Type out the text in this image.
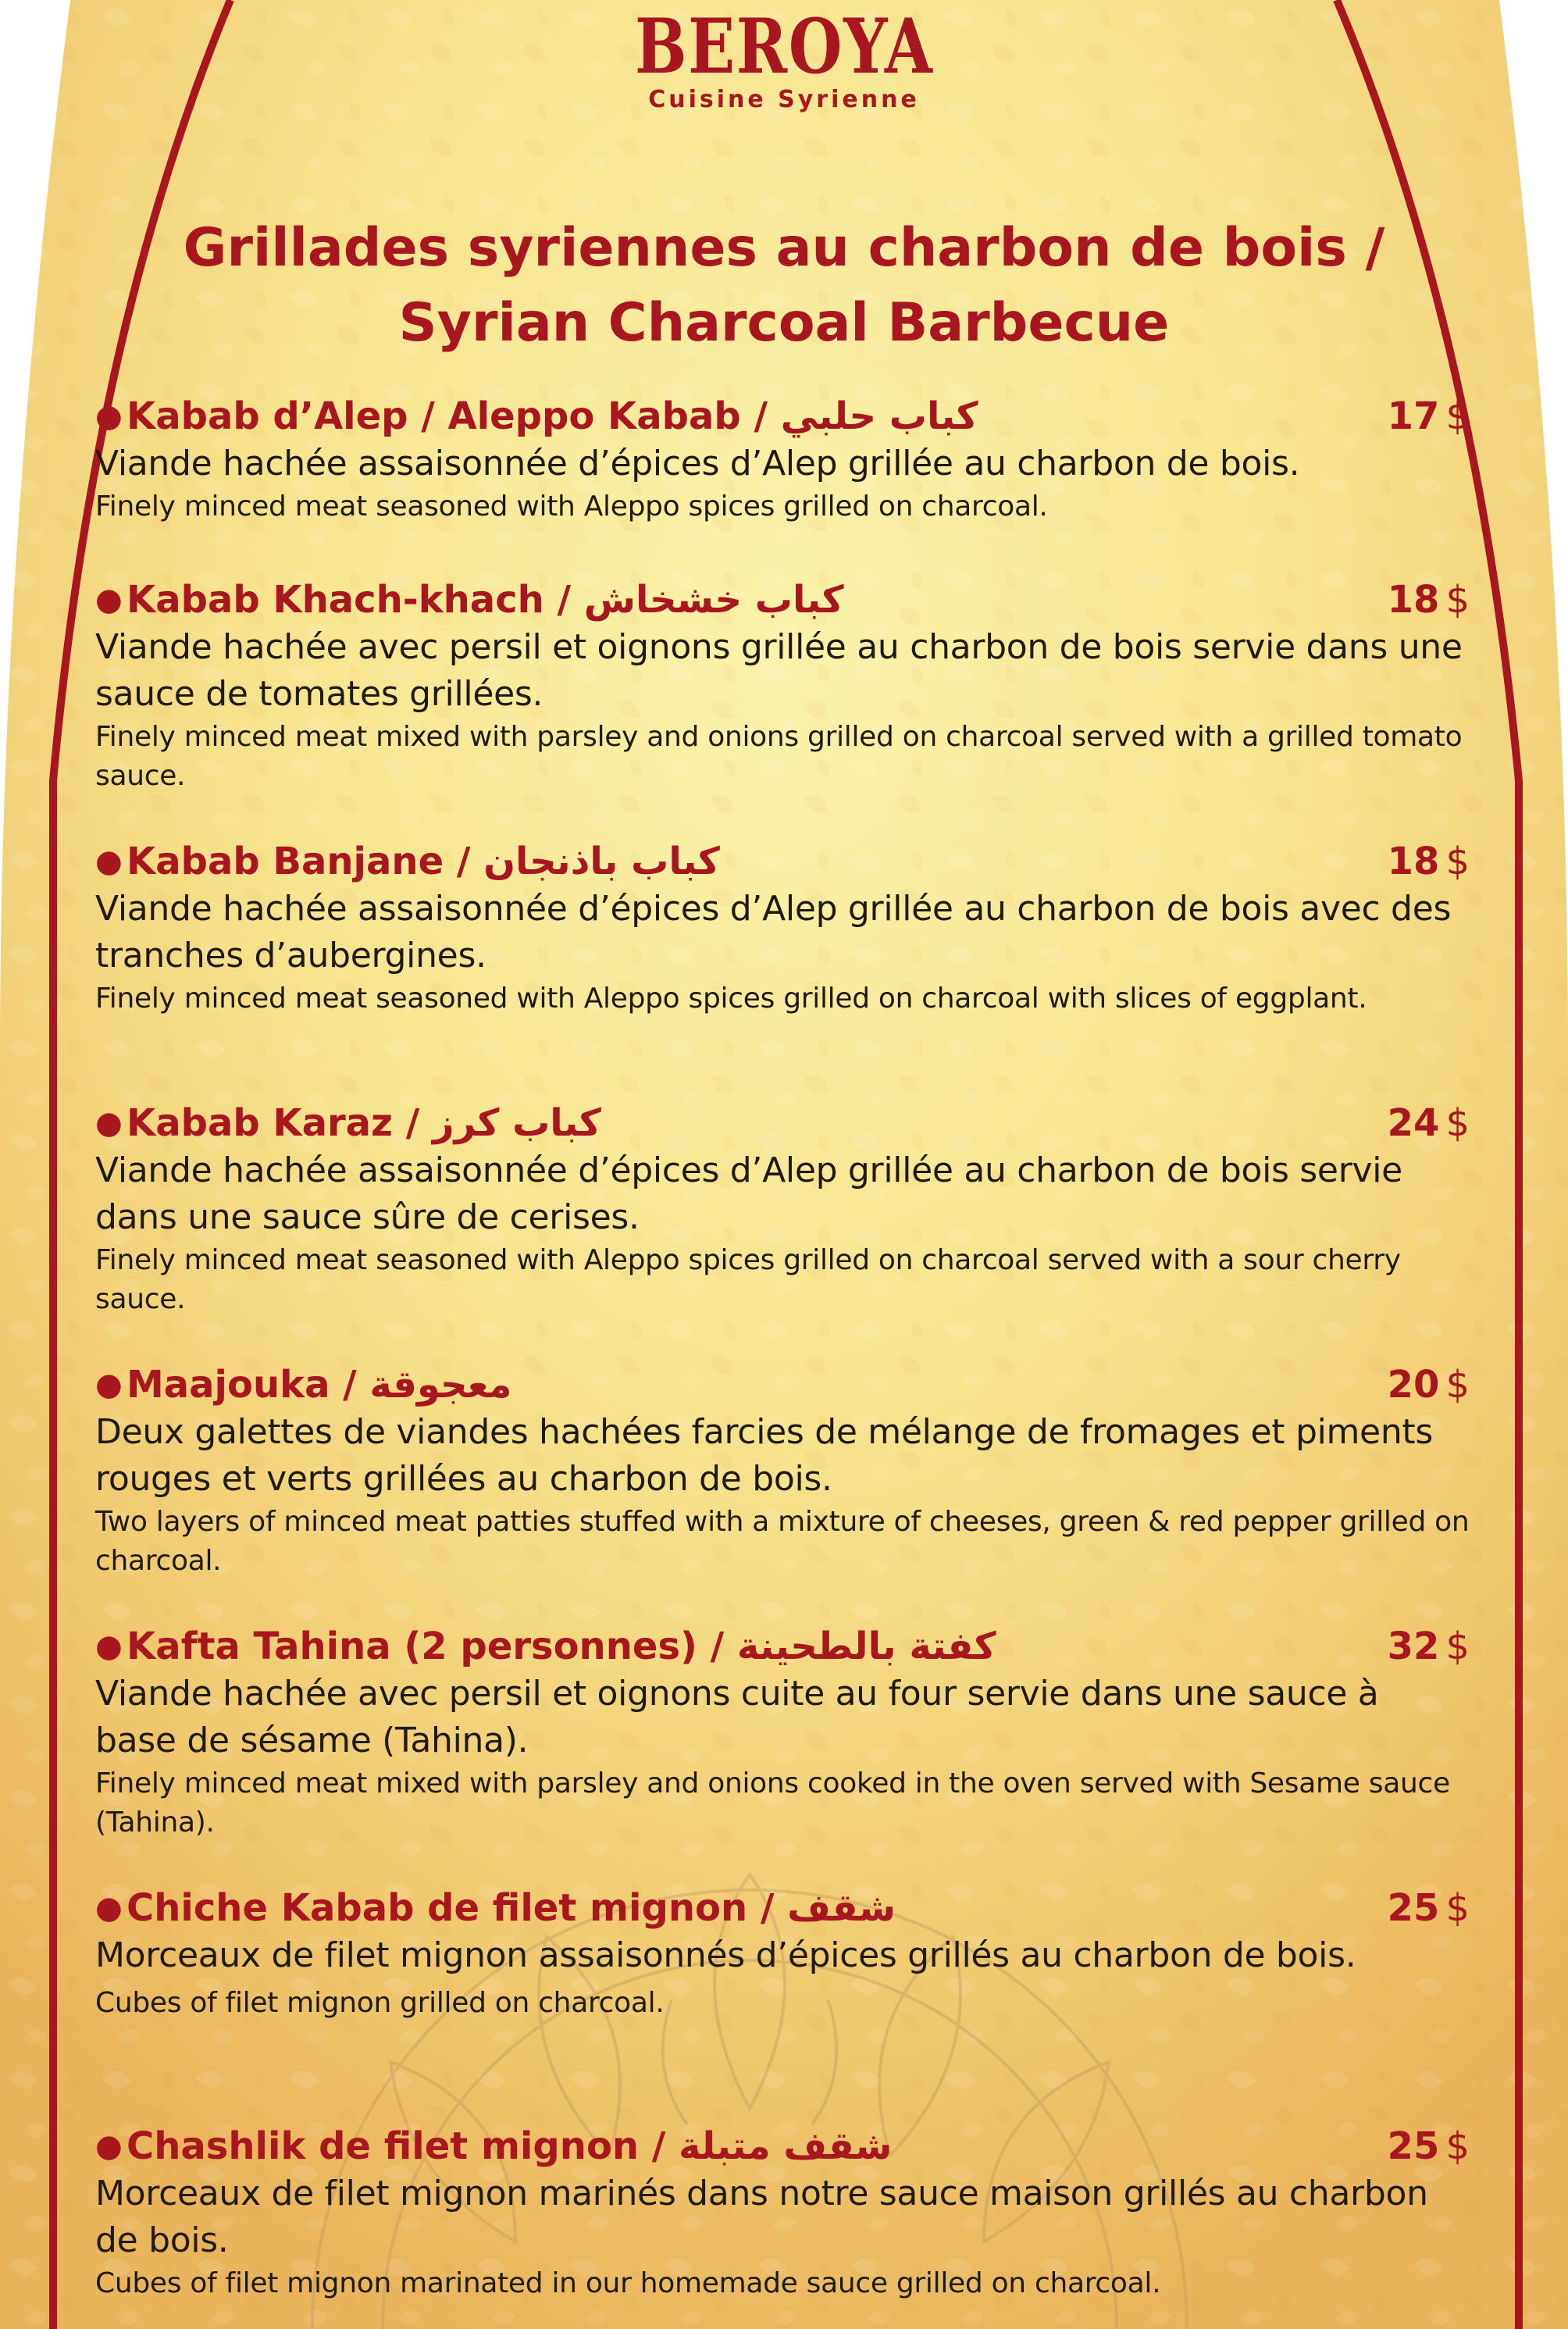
BEROYA
Cuisine Syrienne
Grillades syriennes au charbon de bois /
Syrian Charcoal Barbecue
● Kabab d’Alep / Aleppo Kabab / كباب حلبي	17 $
Viande hachée assaisonnée d’épices d’Alep grillée au charbon de bois.
Finely minced meat seasoned with Aleppo spices grilled on charcoal.
● Kabab Khach-khach / كباب خشخاش	18 $
Viande hachée avec persil et oignons grillée au charbon de bois servie dans une sauce de tomates grillées.
Finely minced meat mixed with parsley and onions grilled on charcoal served with a grilled tomato sauce.
● Kabab Banjane / كباب باذنجان	18 $
Viande hachée assaisonnée d’épices d’Alep grillée au charbon de bois avec des tranches d’aubergines.
Finely minced meat seasoned with Aleppo spices grilled on charcoal with slices of eggplant.
● Kabab Karaz / كباب كرز	24 $
Viande hachée assaisonnée d’épices d’Alep grillée au charbon de bois servie dans une sauce sûre de cerises.
Finely minced meat seasoned with Aleppo spices grilled on charcoal served with a sour cherry sauce.
● Maajouka / معجوقة	20 $
Deux galettes de viandes hachées farcies de mélange de fromages et piments rouges et verts grillées au charbon de bois.
Two layers of minced meat patties stuffed with a mixture of cheeses, green & red pepper grilled on charcoal.
● Kafta Tahina (2 personnes) / كفتة بالطحينة	32 $
Viande hachée avec persil et oignons cuite au four servie dans une sauce à base de sésame (Tahina).
Finely minced meat mixed with parsley and onions cooked in the oven served with Sesame sauce (Tahina).
● Chiche Kabab de filet mignon / شقف	25 $
Morceaux de filet mignon assaisonnés d’épices grillés au charbon de bois.
Cubes of filet mignon grilled on charcoal.
● Chashlik de filet mignon / شقف متبلة	25 $
Morceaux de filet mignon marinés dans notre sauce maison grillés au charbon de bois.
Cubes of filet mignon marinated in our homemade sauce grilled on charcoal.
